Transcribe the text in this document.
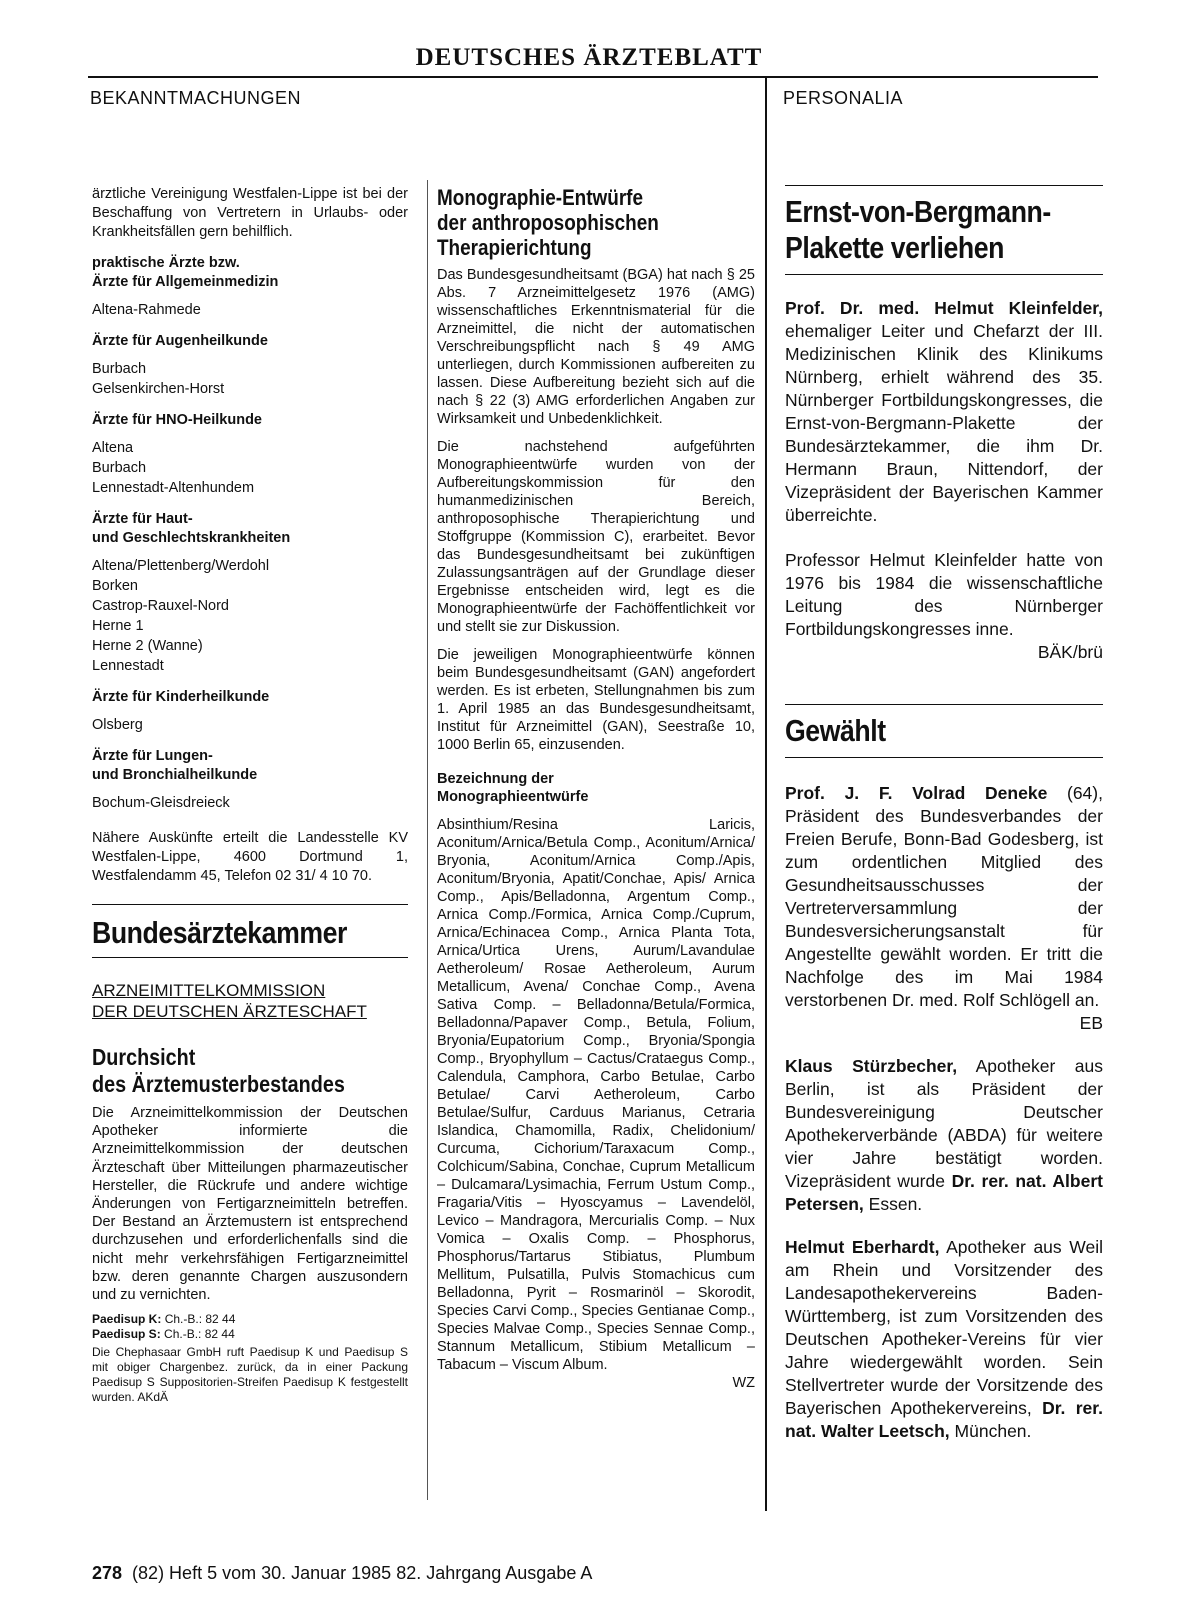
DEUTSCHES ÄRZTEBLATT
BEKANNTMACHUNGEN	PERSONALIA

ärztliche Vereinigung Westfalen-Lippe ist bei der Beschaffung von Vertretern in Urlaubs- oder Krankheitsfällen gern behilflich.

praktische Ärzte bzw.
Ärzte für Allgemeinmedizin
Altena-Rahmede
Ärzte für Augenheilkunde
Burbach
Gelsenkirchen-Horst
Ärzte für HNO-Heilkunde
Altena
Burbach
Lennestadt-Altenhundem
Ärzte für Haut-
und Geschlechtskrankheiten
Altena/Plettenberg/Werdohl
Borken
Castrop-Rauxel-Nord
Herne 1
Herne 2 (Wanne)
Lennestadt
Ärzte für Kinderheilkunde
Olsberg
Ärzte für Lungen-
und Bronchialheilkunde
Bochum-Gleisdreieck

Nähere Auskünfte erteilt die Landesstelle KV Westfalen-Lippe, 4600 Dortmund 1, Westfalendamm 45, Telefon 02 31/ 4 10 70.

Bundesärztekammer
ARZNEIMITTELKOMMISSION
DER DEUTSCHEN ÄRZTESCHAFT
Durchsicht
des Ärztemusterbestandes

Die Arzneimittelkommission der Deutschen Apotheker informierte die Arzneimittelkommission der deutschen Ärzteschaft über Mitteilungen pharmazeutischer Hersteller, die Rückrufe und andere wichtige Änderungen von Fertigarzneimitteln betreffen. Der Bestand an Ärztemustern ist entsprechend durchzusehen und erforderlichenfalls sind die nicht mehr verkehrsfähigen Fertigarzneimittel bzw. deren genannte Chargen auszusondern und zu vernichten.

Paedisup K: Ch.-B.: 82 44
Paedisup S: Ch.-B.: 82 44

Die Chephasaar GmbH ruft Paedisup K und Paedisup S mit obiger Chargenbez. zurück, da in einer Packung Paedisup S Suppositorien-Streifen Paedisup K festgestellt wurden. AKdÄ

Monographie-Entwürfe
der anthroposophischen
Therapierichtung

Das Bundesgesundheitsamt (BGA) hat nach § 25 Abs. 7 Arzneimittelgesetz 1976 (AMG) wissenschaftliches Erkenntnismaterial für die Arzneimittel, die nicht der automatischen Verschreibungspflicht nach § 49 AMG unterliegen, durch Kommissionen aufbereiten zu lassen. Diese Aufbereitung bezieht sich auf die nach § 22 (3) AMG erforderlichen Angaben zur Wirksamkeit und Unbedenklichkeit.

Die nachstehend aufgeführten Monographieentwürfe wurden von der Aufbereitungskommission für den humanmedizinischen Bereich, anthroposophische Therapierichtung und Stoffgruppe (Kommission C), erarbeitet. Bevor das Bundesgesundheitsamt bei zukünftigen Zulassungsanträgen auf der Grundlage dieser Ergebnisse entscheiden wird, legt es die Monographieentwürfe der Fachöffentlichkeit vor und stellt sie zur Diskussion.

Die jeweiligen Monographieentwürfe können beim Bundesgesundheitsamt (GAN) angefordert werden. Es ist erbeten, Stellungnahmen bis zum 1. April 1985 an das Bundesgesundheitsamt, Institut für Arzneimittel (GAN), Seestraße 10, 1000 Berlin 65, einzusenden.

Bezeichnung der
Monographieentwürfe

Absinthium/Resina Laricis, Aconitum/Arnica/Betula Comp., Aconitum/Arnica/ Bryonia, Aconitum/Arnica Comp./Apis, Aconitum/Bryonia, Apatit/Conchae, Apis/ Arnica Comp., Apis/Belladonna, Argentum Comp., Arnica Comp./Formica, Arnica Comp./Cuprum, Arnica/Echinacea Comp., Arnica Planta Tota, Arnica/Urtica Urens, Aurum/Lavandulae Aetheroleum/ Rosae Aetheroleum, Aurum Metallicum, Avena/ Conchae Comp., Avena Sativa Comp. – Belladonna/Betula/Formica, Belladonna/Papaver Comp., Betula, Folium, Bryonia/Eupatorium Comp., Bryonia/Spongia Comp., Bryophyllum – Cactus/Crataegus Comp., Calendula, Camphora, Carbo Betulae, Carbo Betulae/ Carvi Aetheroleum, Carbo Betulae/Sulfur, Carduus Marianus, Cetraria Islandica, Chamomilla, Radix, Chelidonium/ Curcuma, Cichorium/Taraxacum Comp., Colchicum/Sabina, Conchae, Cuprum Metallicum – Dulcamara/Lysimachia, Ferrum Ustum Comp., Fragaria/Vitis – Hyoscyamus – Lavendelöl, Levico – Mandragora, Mercurialis Comp. – Nux Vomica – Oxalis Comp. – Phosphorus, Phosphorus/Tartarus Stibiatus, Plumbum Mellitum, Pulsatilla, Pulvis Stomachicus cum Belladonna, Pyrit – Rosmarinöl – Skorodit, Species Carvi Comp., Species Gentianae Comp., Species Malvae Comp., Species Sennae Comp., Stannum Metallicum, Stibium Metallicum – Tabacum – Viscum Album.

WZ
Ernst-von-Bergmann-
Plakette verliehen

Prof. Dr. med. Helmut Kleinfelder, ehemaliger Leiter und Chefarzt der III. Medizinischen Klinik des Klinikums Nürnberg, erhielt während des 35. Nürnberger Fortbildungskongresses, die Ernst-von-Bergmann-Plakette der Bundesärztekammer, die ihm Dr. Hermann Braun, Nittendorf, der Vizepräsident der Bayerischen Kammer überreichte.

Professor Helmut Kleinfelder hatte von 1976 bis 1984 die wissenschaftliche Leitung des Nürnberger Fortbildungskongresses inne.

BÄK/brü
Gewählt

Prof. J. F. Volrad Deneke (64), Präsident des Bundesverbandes der Freien Berufe, Bonn-Bad Godesberg, ist zum ordentlichen Mitglied des Gesundheitsausschusses der Vertreterversammlung der Bundesversicherungsanstalt für Angestellte gewählt worden. Er tritt die Nachfolge des im Mai 1984 verstorbenen Dr. med. Rolf Schlögell an.

EB

Klaus Stürzbecher, Apotheker aus Berlin, ist als Präsident der Bundesvereinigung Deutscher Apothekerverbände (ABDA) für weitere vier Jahre bestätigt worden. Vizepräsident wurde Dr. rer. nat. Albert Petersen, Essen.

Helmut Eberhardt, Apotheker aus Weil am Rhein und Vorsitzender des Landesapothekervereins Baden-Württemberg, ist zum Vorsitzenden des Deutschen Apotheker-Vereins für vier Jahre wiedergewählt worden. Sein Stellvertreter wurde der Vorsitzende des Bayerischen Apothekervereins, Dr. rer. nat. Walter Leetsch, München.

278 (82) Heft 5 vom 30. Januar 1985 82. Jahrgang Ausgabe A
